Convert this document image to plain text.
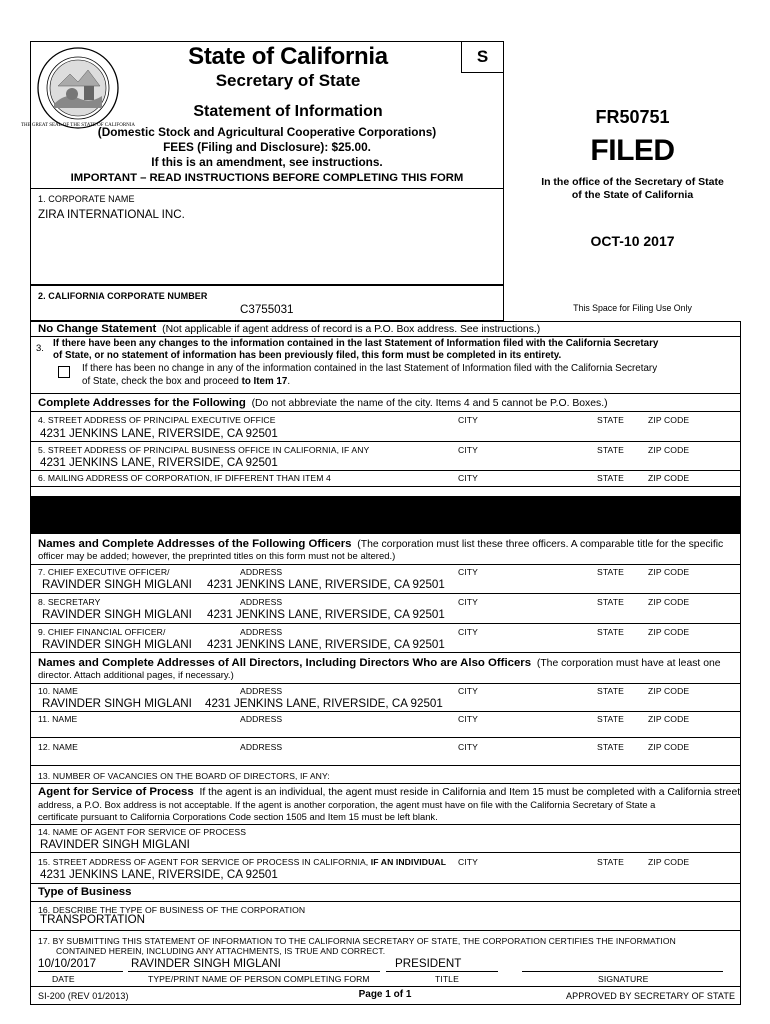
S
THE GREAT SEAL OF THE STATE OF CALIFORNIA
State of California
Secretary of State
Statement of Information
(Domestic Stock and Agricultural Cooperative Corporations)
FEES (Filing and Disclosure): $25.00.
If this is an amendment, see instructions.
IMPORTANT – READ INSTRUCTIONS BEFORE COMPLETING THIS FORM
1. CORPORATE NAME
ZIRA INTERNATIONAL INC.
FR50751
FILED
In the office of the Secretary of State
of the State of California
OCT-10 2017
This Space for Filing Use Only
2. CALIFORNIA CORPORATE NUMBER
C3755031
No Change Statement (Not applicable if agent address of record is a P.O. Box address. See instructions.)
3. If there have been any changes to the information contained in the last Statement of Information filed with the California Secretary
of State, or no statement of information has been previously filed, this form must be completed in its entirety.
If there has been no change in any of the information contained in the last Statement of Information filed with the California Secretary
of State, check the box and proceed to Item 17.
Complete Addresses for the Following (Do not abbreviate the name of the city. Items 4 and 5 cannot be P.O. Boxes.)
4. STREET ADDRESS OF PRINCIPAL EXECUTIVE OFFICE	CITY	STATE	ZIP CODE
4231 JENKINS LANE, RIVERSIDE, CA 92501
5. STREET ADDRESS OF PRINCIPAL BUSINESS OFFICE IN CALIFORNIA, IF ANY	CITY	STATE	ZIP CODE
4231 JENKINS LANE, RIVERSIDE, CA 92501
6. MAILING ADDRESS OF CORPORATION, IF DIFFERENT THAN ITEM 4	CITY	STATE	ZIP CODE
Names and Complete Addresses of the Following Officers (The corporation must list these three officers. A comparable title for the specific
officer may be added; however, the preprinted titles on this form must not be altered.)
7. CHIEF EXECUTIVE OFFICER/	ADDRESS	CITY	STATE	ZIP CODE
RAVINDER SINGH MIGLANI 4231 JENKINS LANE, RIVERSIDE, CA 92501
8. SECRETARY	ADDRESS	CITY	STATE	ZIP CODE
RAVINDER SINGH MIGLANI 4231 JENKINS LANE, RIVERSIDE, CA 92501
9. CHIEF FINANCIAL OFFICER/	ADDRESS	CITY	STATE	ZIP CODE
RAVINDER SINGH MIGLANI 4231 JENKINS LANE, RIVERSIDE, CA 92501
Names and Complete Addresses of All Directors, Including Directors Who are Also Officers (The corporation must have at least one
director. Attach additional pages, if necessary.)
10. NAME	ADDRESS	CITY	STATE	ZIP CODE
RAVINDER SINGH MIGLANI 4231 JENKINS LANE, RIVERSIDE, CA 92501
11. NAME	ADDRESS	CITY	STATE	ZIP CODE
12. NAME	ADDRESS	CITY	STATE	ZIP CODE
13. NUMBER OF VACANCIES ON THE BOARD OF DIRECTORS, IF ANY:
Agent for Service of Process If the agent is an individual, the agent must reside in California and Item 15 must be completed with a California street
address, a P.O. Box address is not acceptable. If the agent is another corporation, the agent must have on file with the California Secretary of State a
certificate pursuant to California Corporations Code section 1505 and Item 15 must be left blank.
14. NAME OF AGENT FOR SERVICE OF PROCESS
RAVINDER SINGH MIGLANI
15. STREET ADDRESS OF AGENT FOR SERVICE OF PROCESS IN CALIFORNIA, IF AN INDIVIDUAL CITY	STATE	ZIP CODE
4231 JENKINS LANE, RIVERSIDE, CA 92501
Type of Business
16. DESCRIBE THE TYPE OF BUSINESS OF THE CORPORATION
TRANSPORTATION
17. BY SUBMITTING THIS STATEMENT OF INFORMATION TO THE CALIFORNIA SECRETARY OF STATE, THE CORPORATION CERTIFIES THE INFORMATION
CONTAINED HEREIN, INCLUDING ANY ATTACHMENTS, IS TRUE AND CORRECT.
10/10/2017	RAVINDER SINGH MIGLANI	PRESIDENT
DATE	TYPE/PRINT NAME OF PERSON COMPLETING FORM	TITLE	SIGNATURE
SI-200 (REV 01/2013)	Page 1 of 1	APPROVED BY SECRETARY OF STATE
